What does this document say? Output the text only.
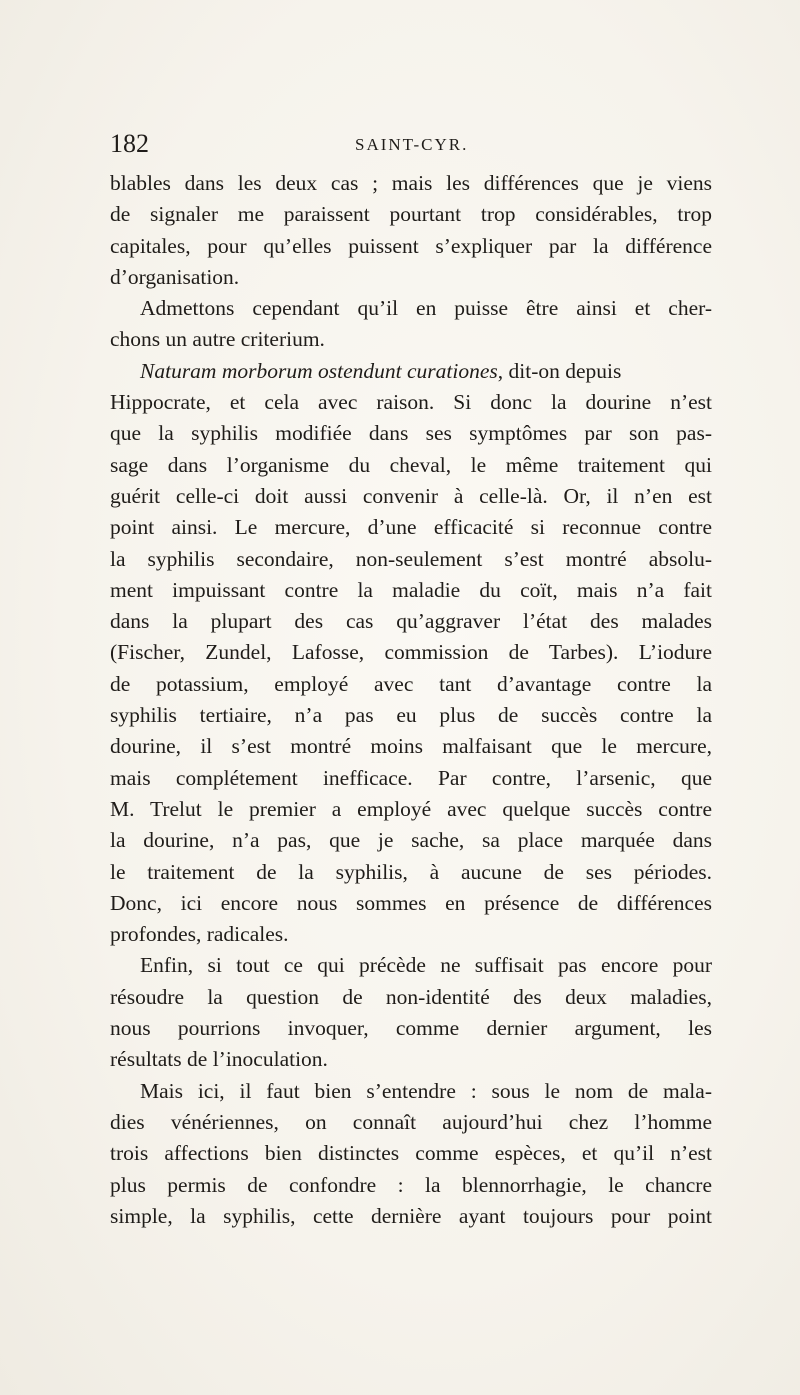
182	SAINT-CYR.
blables dans les deux cas ; mais les différences que je viens
de signaler me paraissent pourtant trop considérables, trop
capitales, pour qu’elles puissent s’expliquer par la différence
d’organisation.
Admettons cependant qu’il en puisse être ainsi et cher-
chons un autre criterium.
Naturam morborum ostendunt curationes, dit-on depuis
Hippocrate, et cela avec raison. Si donc la dourine n’est
que la syphilis modifiée dans ses symptômes par son pas-
sage dans l’organisme du cheval, le même traitement qui
guérit celle-ci doit aussi convenir à celle-là. Or, il n’en est
point ainsi. Le mercure, d’une efficacité si reconnue contre
la syphilis secondaire, non-seulement s’est montré absolu-
ment impuissant contre la maladie du coït, mais n’a fait
dans la plupart des cas qu’aggraver l’état des malades
(Fischer, Zundel, Lafosse, commission de Tarbes). L’iodure
de potassium, employé avec tant d’avantage contre la
syphilis tertiaire, n’a pas eu plus de succès contre la
dourine, il s’est montré moins malfaisant que le mercure,
mais complétement inefficace. Par contre, l’arsenic, que
M. Trelut le premier a employé avec quelque succès contre
la dourine, n’a pas, que je sache, sa place marquée dans
le traitement de la syphilis, à aucune de ses périodes.
Donc, ici encore nous sommes en présence de différences
profondes, radicales.
Enfin, si tout ce qui précède ne suffisait pas encore pour
résoudre la question de non-identité des deux maladies,
nous pourrions invoquer, comme dernier argument, les
résultats de l’inoculation.
Mais ici, il faut bien s’entendre : sous le nom de mala-
dies vénériennes, on connaît aujourd’hui chez l’homme
trois affections bien distinctes comme espèces, et qu’il n’est
plus permis de confondre : la blennorrhagie, le chancre
simple, la syphilis, cette dernière ayant toujours pour point
